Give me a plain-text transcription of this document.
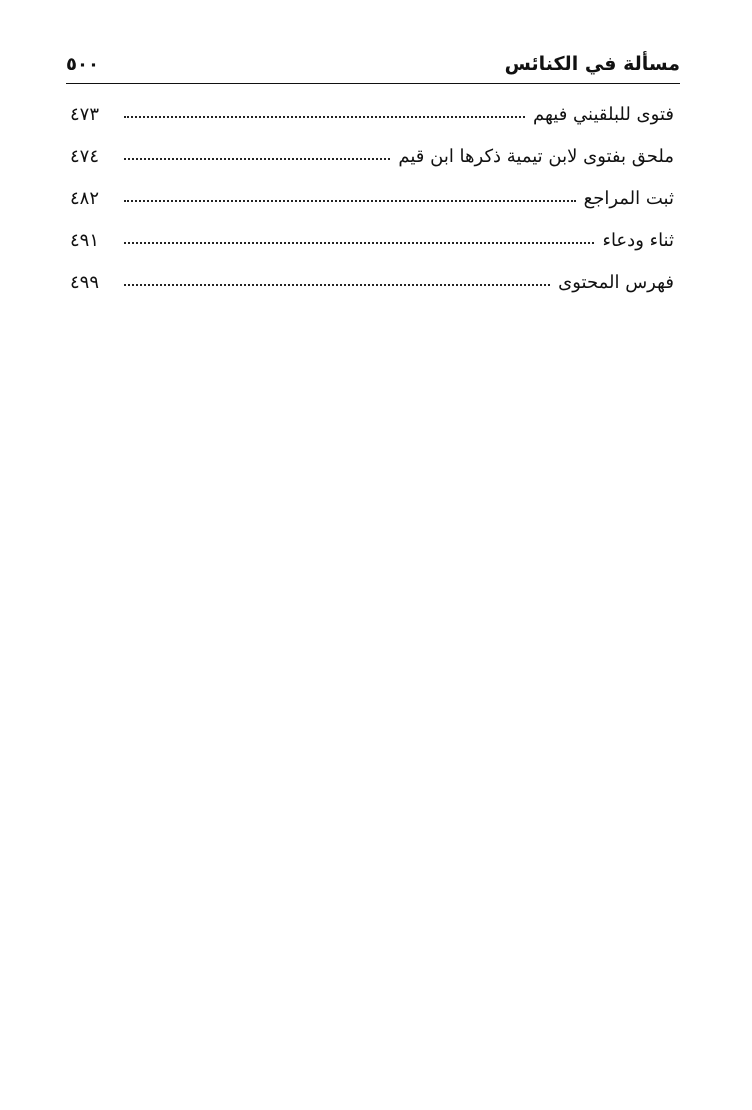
مسألة في الكنائس
٥٠٠
فتوى للبلقيني فيهم
٤٧٣
ملحق بفتوى لابن تيمية ذكرها ابن قيم
٤٧٤
ثبت المراجع
٤٨٢
ثناء ودعاء
٤٩١
فهرس المحتوى
٤٩٩
